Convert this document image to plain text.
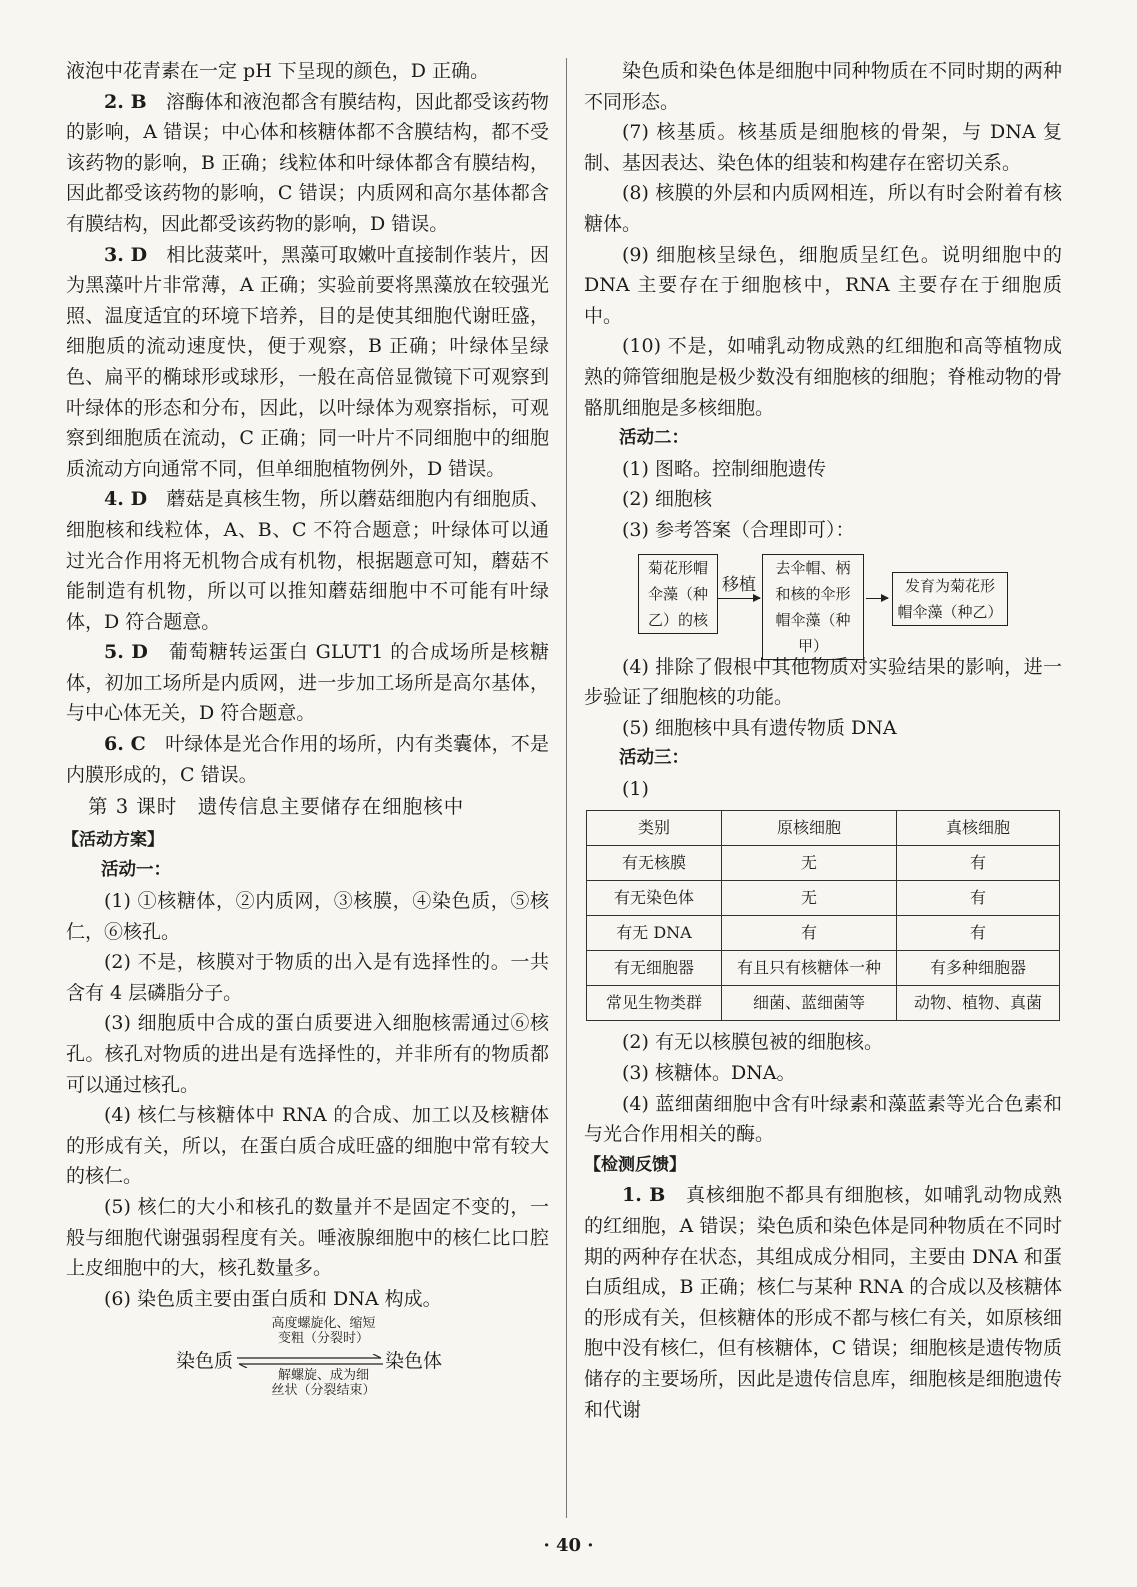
液泡中花青素在一定 pH 下呈现的颜色，D 正确。

2. B　 溶酶体和液泡都含有膜结构，因此都受该药物的影响，A 错误；中心体和核糖体都不含膜结构，都不受该药物的影响，B 正确；线粒体和叶绿体都含有膜结构，因此都受该药物的影响，C 错误；内质网和高尔基体都含有膜结构，因此都受该药物的影响，D 错误。

3. D　 相比菠菜叶，黑藻可取嫩叶直接制作装片，因为黑藻叶片非常薄，A 正确；实验前要将黑藻放在较强光照、温度适宜的环境下培养，目的是使其细胞代谢旺盛，细胞质的流动速度快，便于观察，B 正确；叶绿体呈绿色、扁平的椭球形或球形，一般在高倍显微镜下可观察到叶绿体的形态和分布，因此，以叶绿体为观察指标，可观察到细胞质在流动，C 正确；同一叶片不同细胞中的细胞质流动方向通常不同，但单细胞植物例外，D 错误。

4. D　 蘑菇是真核生物，所以蘑菇细胞内有细胞质、细胞核和线粒体，A、B、C 不符合题意；叶绿体可以通过光合作用将无机物合成有机物，根据题意可知，蘑菇不能制造有机物，所以可以推知蘑菇细胞中不可能有叶绿体，D 符合题意。

5. D　 葡萄糖转运蛋白 GLUT1 的合成场所是核糖体，初加工场所是内质网，进一步加工场所是高尔基体，与中心体无关，D 符合题意。

6. C　 叶绿体是光合作用的场所，内有类囊体，不是内膜形成的，C 错误。

第 3 课时　遗传信息主要储存在细胞核中
【活动方案】

活动一：

(1) ①核糖体，②内质网，③核膜，④染色质，⑤核仁，⑥核孔。

(2) 不是，核膜对于物质的出入是有选择性的。一共含有 4 层磷脂分子。

(3) 细胞质中合成的蛋白质要进入细胞核需通过⑥核孔。核孔对物质的进出是有选择性的，并非所有的物质都可以通过核孔。

(4) 核仁与核糖体中 RNA 的合成、加工以及核糖体的形成有关，所以，在蛋白质合成旺盛的细胞中常有较大的核仁。

(5) 核仁的大小和核孔的数量并不是固定不变的，一般与细胞代谢强弱程度有关。唾液腺细胞中的核仁比口腔上皮细胞中的大，核孔数量多。

(6) 染色质主要由蛋白质和 DNA 构成。

染色质
高度螺旋化、缩短
变粗（分裂时）
解螺旋、成为细
丝状（分裂结束）
染色体

染色质和染色体是细胞中同种物质在不同时期的两种不同形态。

(7) 核基质。核基质是细胞核的骨架，与 DNA 复制、基因表达、染色体的组装和构建存在密切关系。

(8) 核膜的外层和内质网相连，所以有时会附着有核糖体。

(9) 细胞核呈绿色，细胞质呈红色。说明细胞中的 DNA 主要存在于细胞核中，RNA 主要存在于细胞质中。

(10) 不是，如哺乳动物成熟的红细胞和高等植物成熟的筛管细胞是极少数没有细胞核的细胞；脊椎动物的骨骼肌细胞是多核细胞。

活动二：

(1) 图略。控制细胞遗传

(2) 细胞核

(3) 参考答案（合理即可）：

菊花形帽
伞藻（种
乙）的核
移植
去伞帽、柄
和核的伞形
帽伞藻（种甲）
发育为菊花形
帽伞藻（种乙）

(4) 排除了假根中其他物质对实验结果的影响，进一步验证了细胞核的功能。

(5) 细胞核中具有遗传物质 DNA

活动三：

(1)

类别	原核细胞	真核细胞
有无核膜	无	有
有无染色体	无	有
有无 DNA	有	有
有无细胞器	有且只有核糖体一种	有多种细胞器
常见生物类群	细菌、蓝细菌等	动物、植物、真菌

(2) 有无以核膜包被的细胞核。

(3) 核糖体。DNA。

(4) 蓝细菌细胞中含有叶绿素和藻蓝素等光合色素和与光合作用相关的酶。

【检测反馈】

1. B　 真核细胞不都具有细胞核，如哺乳动物成熟的红细胞，A 错误；染色质和染色体是同种物质在不同时期的两种存在状态，其组成成分相同，主要由 DNA 和蛋白质组成，B 正确；核仁与某种 RNA 的合成以及核糖体的形成有关，但核糖体的形成不都与核仁有关，如原核细胞中没有核仁，但有核糖体，C 错误；细胞核是遗传物质储存的主要场所，因此是遗传信息库，细胞核是细胞遗传和代谢

· 40 ·
